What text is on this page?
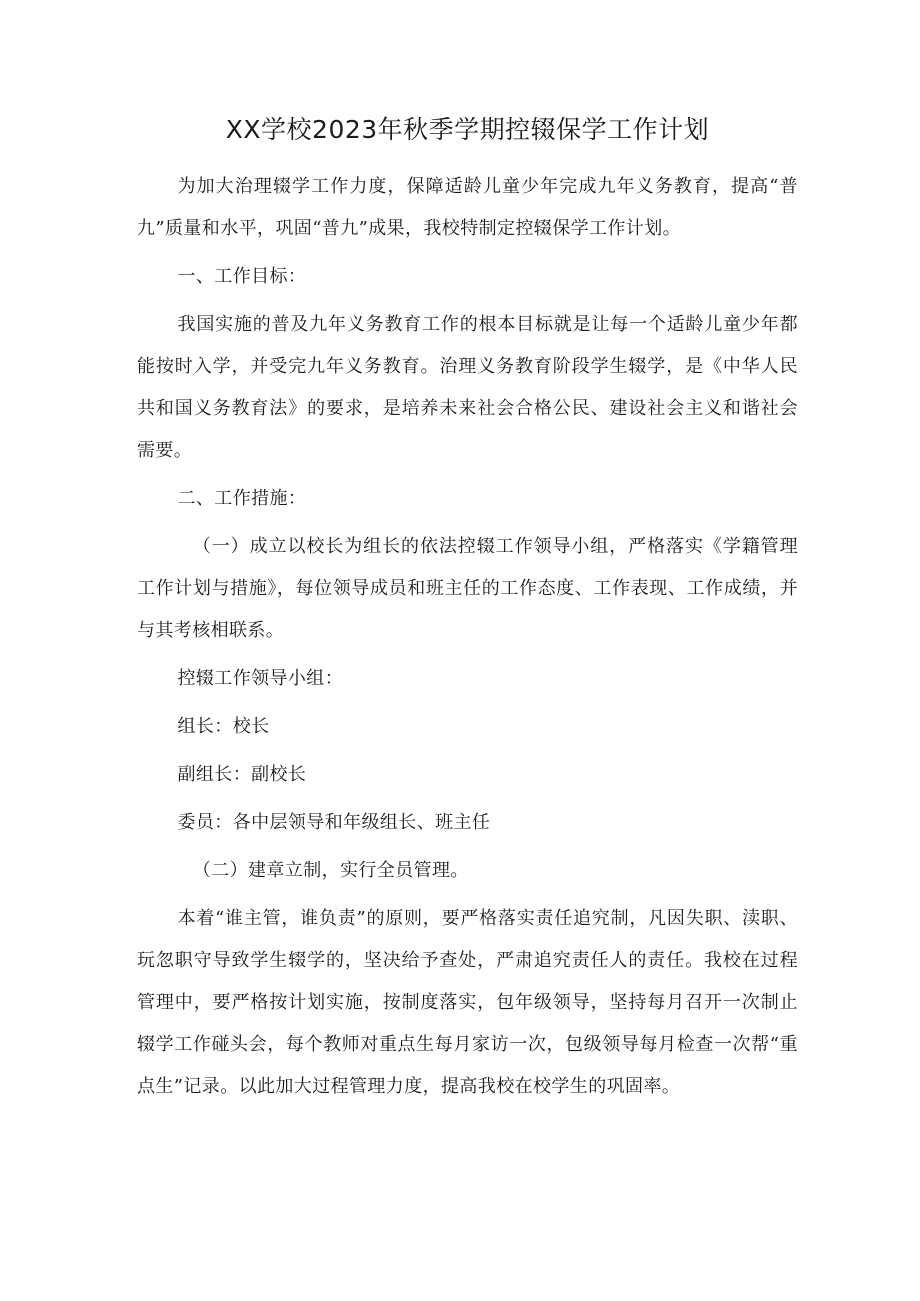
XX学校2023年秋季学期控辍保学工作计划

为加大治理辍学工作力度，保障适龄儿童少年完成九年义务教育，提高“普九”质量和水平，巩固“普九”成果，我校特制定控辍保学工作计划。

一、工作目标：

我国实施的普及九年义务教育工作的根本目标就是让每一个适龄儿童少年都能按时入学，并受完九年义务教育。治理义务教育阶段学生辍学，是《中华人民共和国义务教育法》的要求，是培养未来社会合格公民、建设社会主义和谐社会需要。

二、工作措施：

（一）成立以校长为组长的依法控辍工作领导小组，严格落实《学籍管理工作计划与措施》，每位领导成员和班主任的工作态度、工作表现、工作成绩，并与其考核相联系。

控辍工作领导小组：

组长：校长

副组长：副校长

委员：各中层领导和年级组长、班主任

（二）建章立制，实行全员管理。

本着“谁主管，谁负责”的原则，要严格落实责任追究制，凡因失职、渎职、玩忽职守导致学生辍学的，坚决给予查处，严肃追究责任人的责任。我校在过程管理中，要严格按计划实施，按制度落实，包年级领导，坚持每月召开一次制止辍学工作碰头会，每个教师对重点生每月家访一次，包级领导每月检查一次帮“重点生”记录。以此加大过程管理力度，提高我校在校学生的巩固率。
